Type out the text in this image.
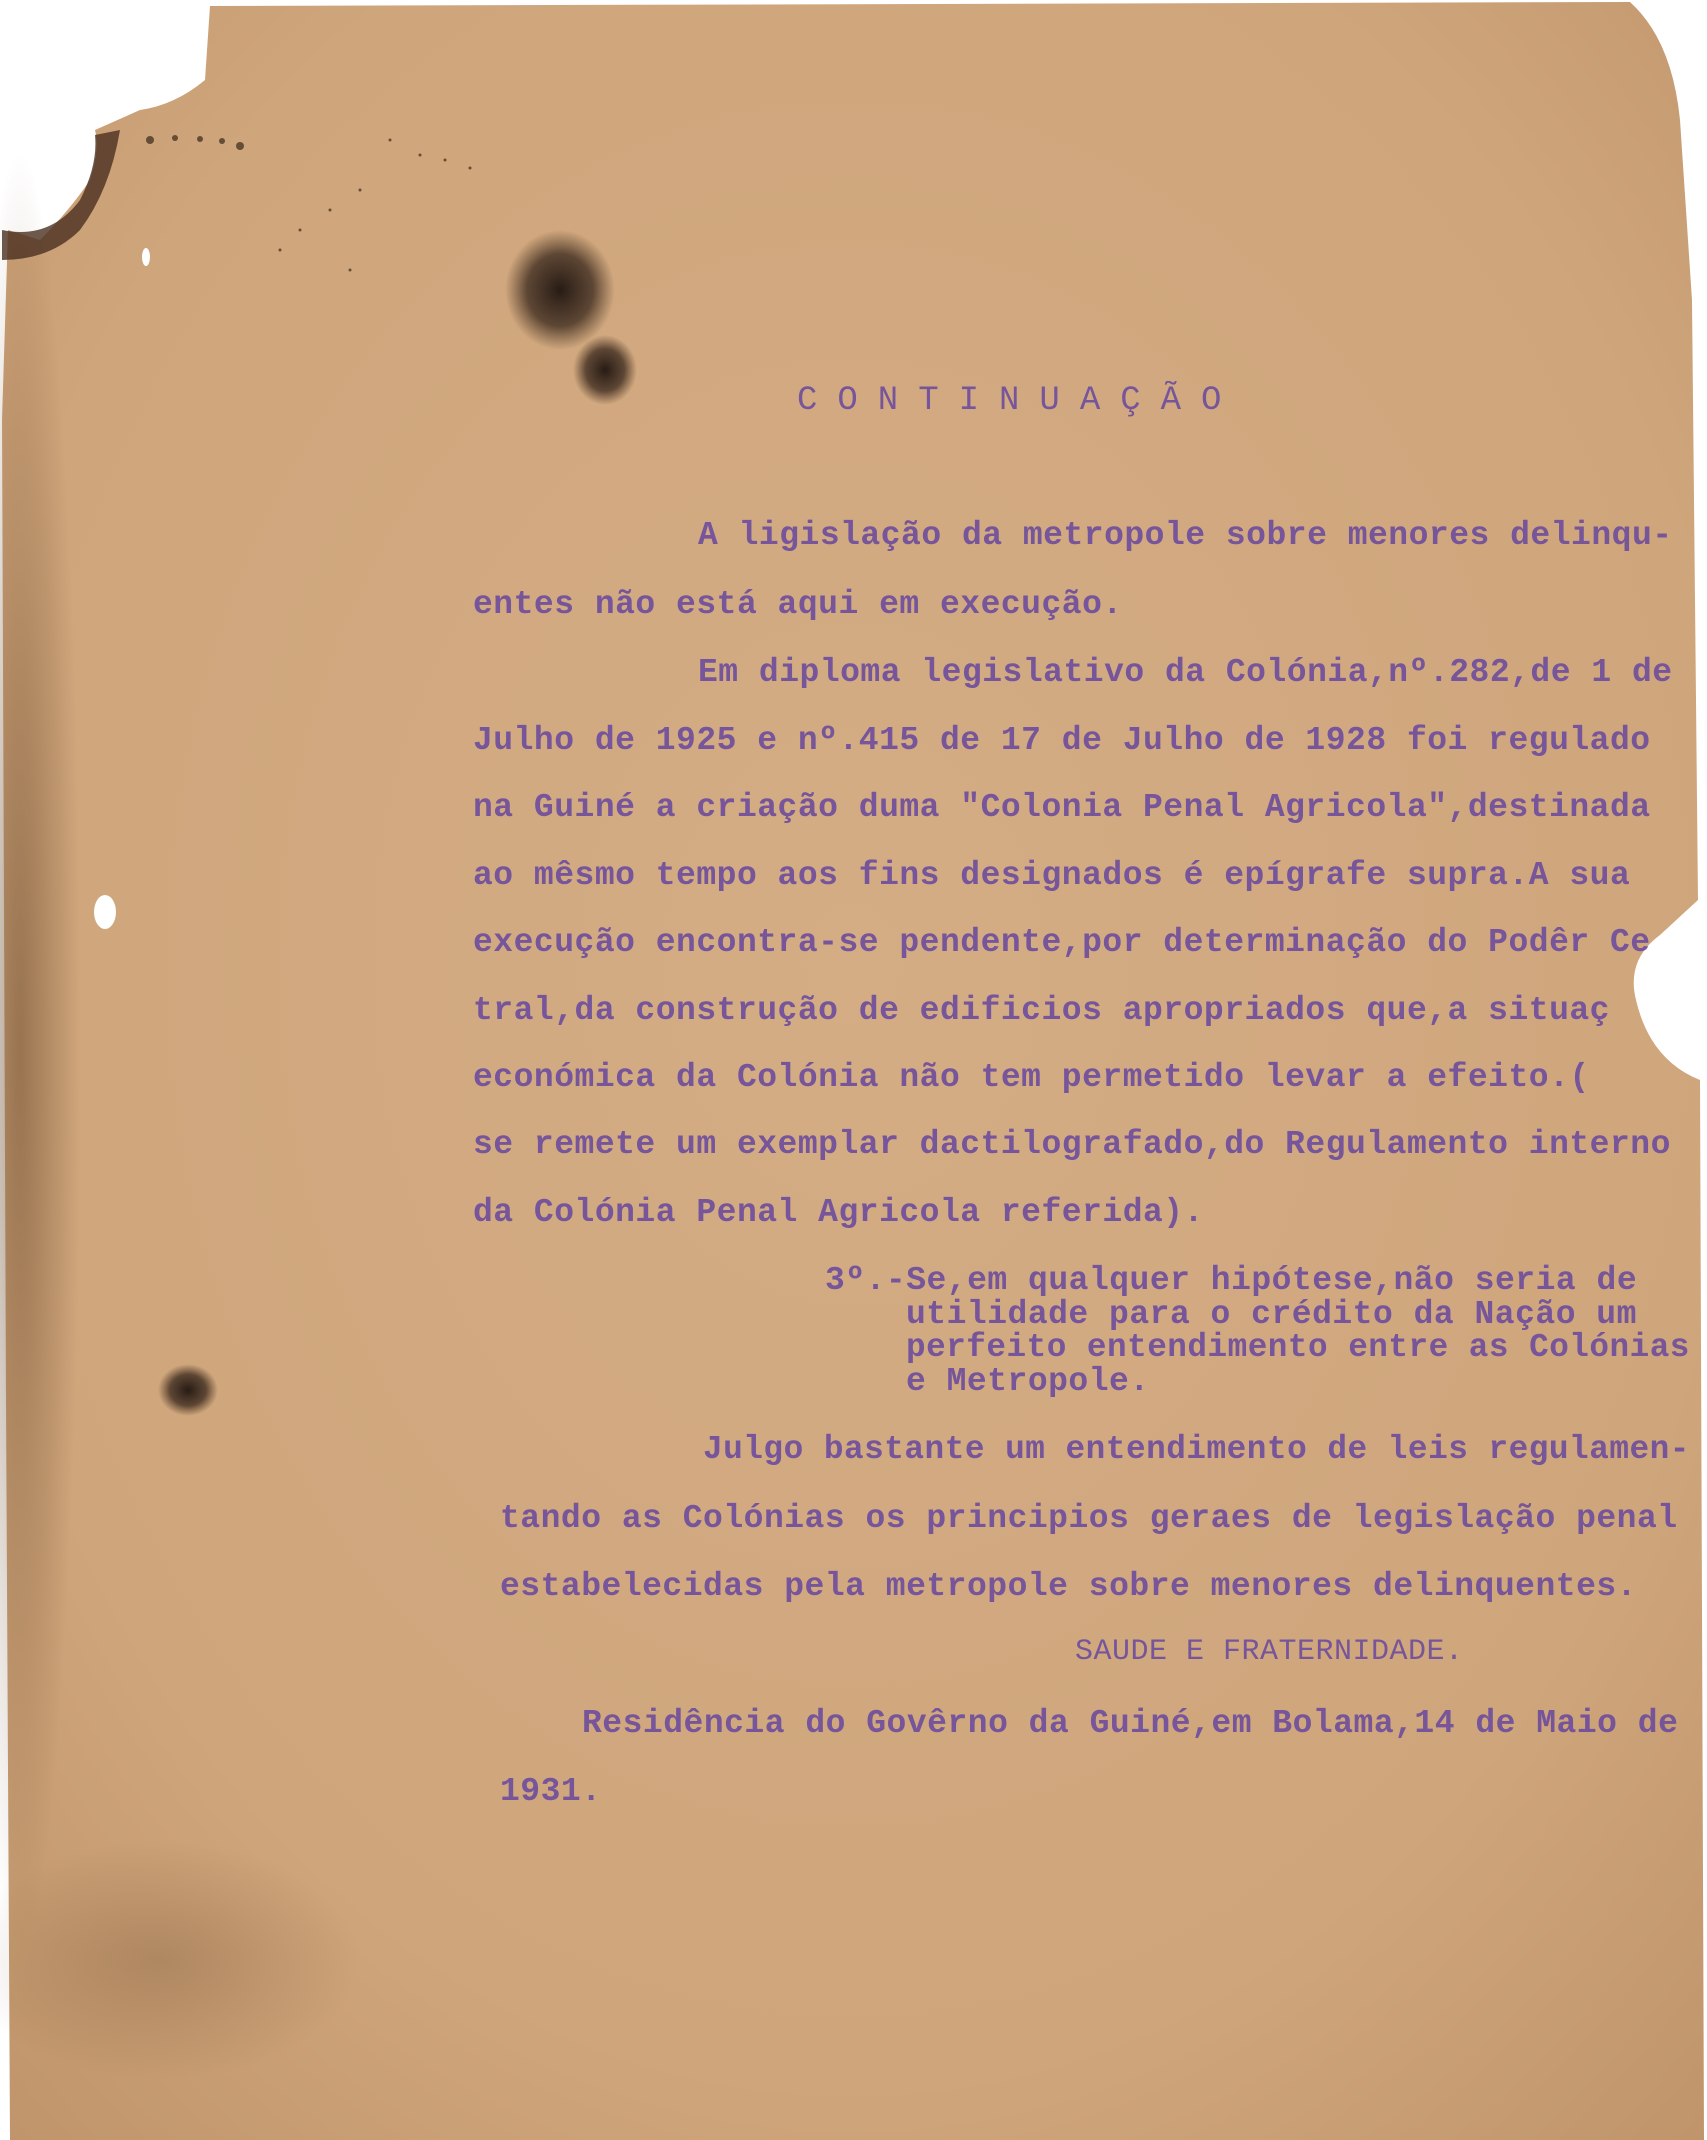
CONTINUAÇÃO
A ligislação da metropole sobre menores delinqu-
entes não está aqui em execução.
Em diploma legislativo da Colónia,nº.282,de 1 de
Julho de 1925 e nº.415 de 17 de Julho de 1928 foi regulado
na Guiné a criação duma "Colonia Penal Agricola",destinada
ao mêsmo tempo aos fins designados é epígrafe supra.A sua
execução encontra-se pendente,por determinação do Podêr Ce
tral,da construção de edificios apropriados que,a situaç
económica da Colónia não tem permetido levar a efeito.(
se remete um exemplar dactilografado,do Regulamento interno
da Colónia Penal Agricola referida).
3º.-Se,em qualquer hipótese,não seria de
utilidade para o crédito da Nação um
perfeito entendimento entre as Colónias
e Metropole.
Julgo bastante um entendimento de leis regulamen-
tando as Colónias os principios geraes de legislação penal
estabelecidas pela metropole sobre menores delinquentes.
SAUDE E FRATERNIDADE.
Residência do Govêrno da Guiné,em Bolama,14 de Maio de
1931.
